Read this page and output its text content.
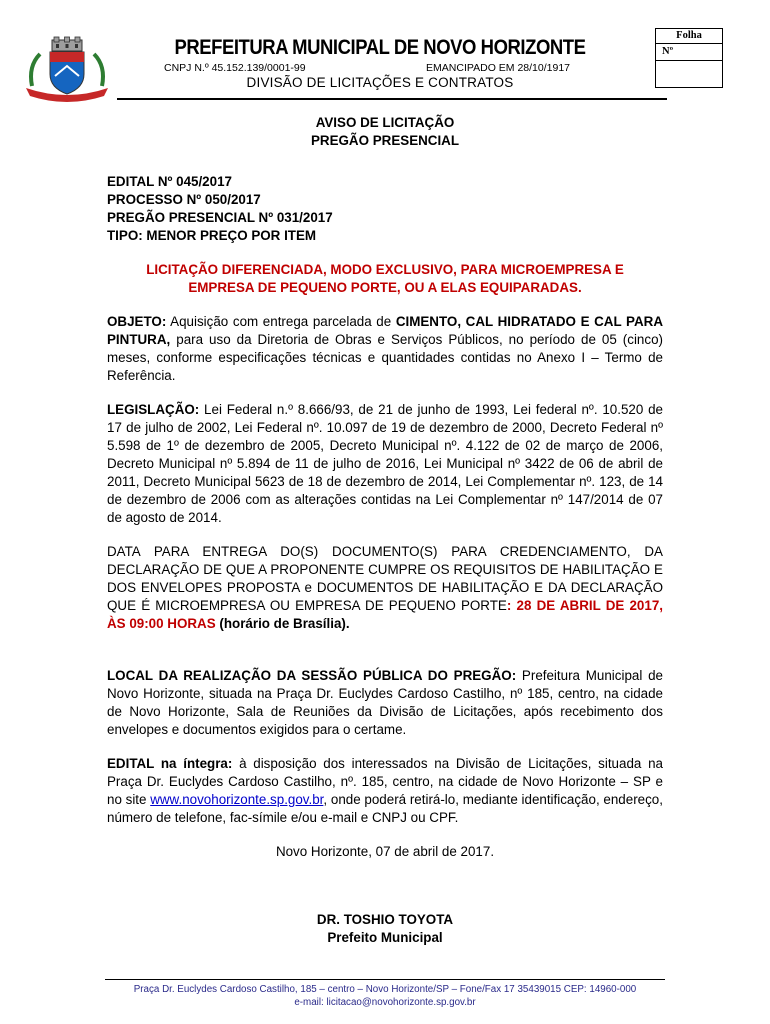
PREFEITURA MUNICIPAL DE NOVO HORIZONTE

CNPJ N.º 45.152.139/0001-99	EMANCIPADO EM 28/10/1917
DIVISÃO DE LICITAÇÕES E CONTRATOS
Folha
Nº

AVISO DE LICITAÇÃO

PREGÃO PRESENCIAL

EDITAL Nº 045/2017

PROCESSO Nº 050/2017

PREGÃO PRESENCIAL Nº 031/2017

TIPO: MENOR PREÇO POR ITEM

LICITAÇÃO DIFERENCIADA, MODO EXCLUSIVO, PARA MICROEMPRESA E

EMPRESA DE PEQUENO PORTE, OU A ELAS EQUIPARADAS.

OBJETO: Aquisição com entrega parcelada de CIMENTO, CAL HIDRATADO E CAL PARA PINTURA, para uso da Diretoria de Obras e Serviços Públicos, no período de 05 (cinco) meses, conforme especificações técnicas e quantidades contidas no Anexo I – Termo de Referência.

LEGISLAÇÃO: Lei Federal n.º 8.666/93, de 21 de junho de 1993, Lei federal nº. 10.520 de 17 de julho de 2002, Lei Federal nº. 10.097 de 19 de dezembro de 2000, Decreto Federal nº 5.598 de 1º de dezembro de 2005, Decreto Municipal nº. 4.122 de 02 de março de 2006, Decreto Municipal nº 5.894 de 11 de julho de 2016, Lei Municipal nº 3422 de 06 de abril de 2011, Decreto Municipal 5623 de 18 de dezembro de 2014, Lei Complementar nº. 123, de 14 de dezembro de 2006 com as alterações contidas na Lei Complementar nº 147/2014 de 07 de agosto de 2014.

DATA PARA ENTREGA DO(S) DOCUMENTO(S) PARA CREDENCIAMENTO, DA DECLARAÇÃO DE QUE A PROPONENTE CUMPRE OS REQUISITOS DE HABILITAÇÃO E DOS ENVELOPES PROPOSTA e DOCUMENTOS DE HABILITAÇÃO E DA DECLARAÇÃO QUE É MICROEMPRESA OU EMPRESA DE PEQUENO PORTE: 28 DE ABRIL DE 2017, ÀS 09:00 HORAS (horário de Brasília).

LOCAL DA REALIZAÇÃO DA SESSÃO PÚBLICA DO PREGÃO: Prefeitura Municipal de Novo Horizonte, situada na Praça Dr. Euclydes Cardoso Castilho, nº 185, centro, na cidade de Novo Horizonte, Sala de Reuniões da Divisão de Licitações, após recebimento dos envelopes e documentos exigidos para o certame.

EDITAL na íntegra: à disposição dos interessados na Divisão de Licitações, situada na Praça Dr. Euclydes Cardoso Castilho, nº. 185, centro, na cidade de Novo Horizonte – SP e no site www.novohorizonte.sp.gov.br, onde poderá retirá-lo, mediante identificação, endereço, número de telefone, fac-símile e/ou e-mail e CNPJ ou CPF.

Novo Horizonte, 07 de abril de 2017.

DR. TOSHIO TOYOTA

Prefeito Municipal

Praça Dr. Euclydes Cardoso Castilho, 185 – centro – Novo Horizonte/SP – Fone/Fax 17 35439015 CEP: 14960-000
e-mail: licitacao@novohorizonte.sp.gov.br
